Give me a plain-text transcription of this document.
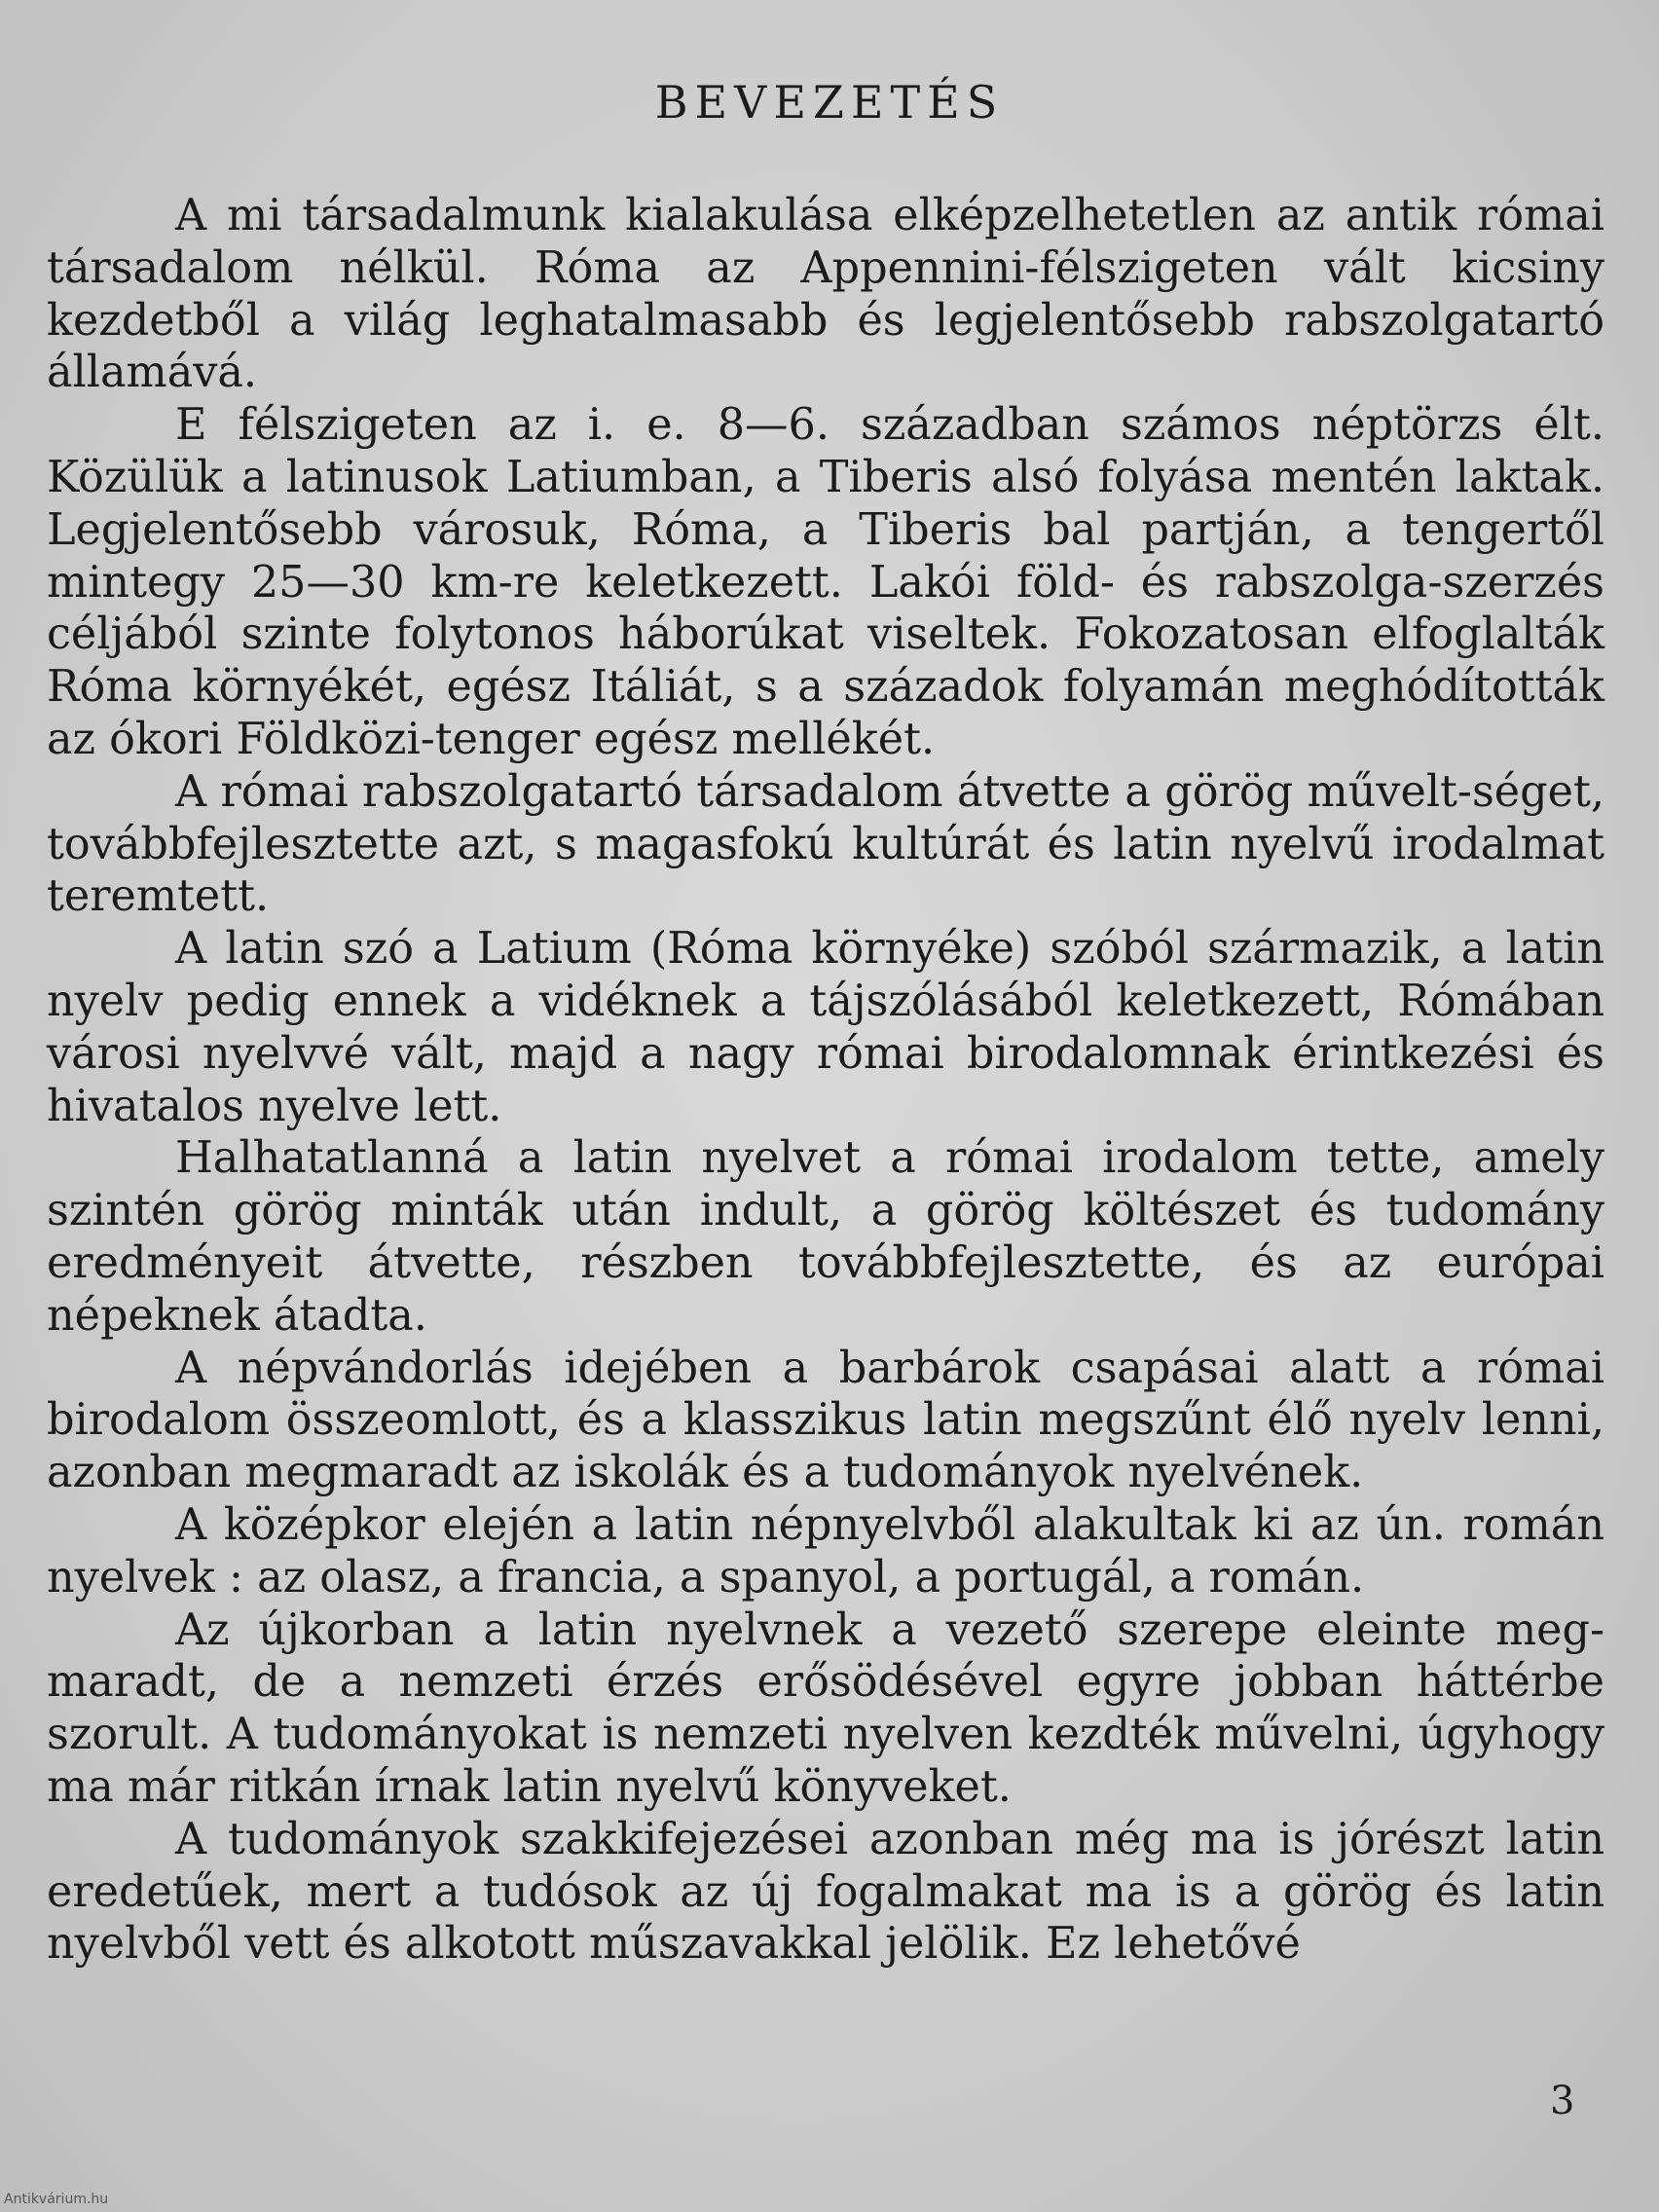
BEVEZETÉS

A mi társadalmunk kialakulása elképzelhetetlen az antik római társadalom nélkül. Róma az Appennini-félszigeten vált kicsiny kezdetből a világ leghatalmasabb és legjelentősebb rabszolgatartó államává.

E félszigeten az i. e. 8—6. században számos néptörzs élt. Közülük a latinusok Latiumban, a Tiberis alsó folyása mentén laktak. Legjelentősebb városuk, Róma, a Tiberis bal partján, a tengertől mintegy 25—30 km-re keletkezett. Lakói föld- és rabszolga-szerzés céljából szinte folytonos háborúkat viseltek. Fokozatosan elfoglalták Róma környékét, egész Itáliát, s a századok folyamán meghódították az ókori Földközi-tenger egész mellékét.

A római rabszolgatartó társadalom átvette a görög művelt-séget, továbbfejlesztette azt, s magasfokú kultúrát és latin nyelvű irodalmat teremtett.

A latin szó a Latium (Róma környéke) szóból származik, a latin nyelv pedig ennek a vidéknek a tájszólásából keletkezett, Rómában városi nyelvvé vált, majd a nagy római birodalomnak érintkezési és hivatalos nyelve lett.

Halhatatlanná a latin nyelvet a római irodalom tette, amely szintén görög minták után indult, a görög költészet és tudomány eredményeit átvette, részben továbbfejlesztette, és az európai népeknek átadta.

A népvándorlás idejében a barbárok csapásai alatt a római birodalom összeomlott, és a klasszikus latin megszűnt élő nyelv lenni, azonban megmaradt az iskolák és a tudományok nyelvének.

A középkor elején a latin népnyelvből alakultak ki az ún. román nyelvek : az olasz, a francia, a spanyol, a portugál, a román.

Az újkorban a latin nyelvnek a vezető szerepe eleinte meg-maradt, de a nemzeti érzés erősödésével egyre jobban háttérbe szorult. A tudományokat is nemzeti nyelven kezdték művelni, úgyhogy ma már ritkán írnak latin nyelvű könyveket.

A tudományok szakkifejezései azonban még ma is jórészt latin eredetűek, mert a tudósok az új fogalmakat ma is a görög és latin nyelvből vett és alkotott műszavakkal jelölik. Ez lehetővé

3
Antikvárium.hu
